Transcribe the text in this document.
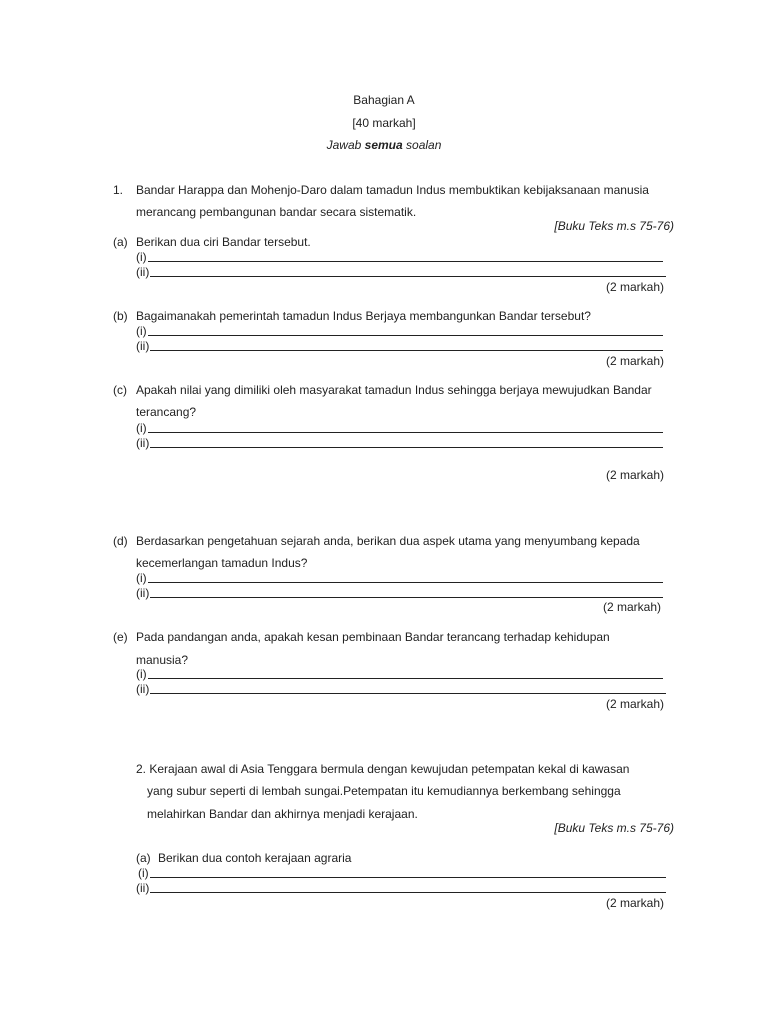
Bahagian A
[40 markah]
Jawab semua soalan
1. Bandar Harappa dan Mohenjo-Daro dalam tamadun Indus membuktikan kebijaksanaan manusia
merancang pembangunan bandar secara sistematik.
[Buku Teks m.s 75-76)
(a) Berikan dua ciri Bandar tersebut.
(i)
(ii)
(2 markah)
(b) Bagaimanakah pemerintah tamadun Indus Berjaya membangunkan Bandar tersebut?
(i)
(ii)
(2 markah)
(c) Apakah nilai yang dimiliki oleh masyarakat tamadun Indus sehingga berjaya mewujudkan Bandar
terancang?
(i)
(ii)
(2 markah)
(d) Berdasarkan pengetahuan sejarah anda, berikan dua aspek utama yang menyumbang kepada
kecemerlangan tamadun Indus?
(i)
(ii)
(2 markah)
(e) Pada pandangan anda, apakah kesan pembinaan Bandar terancang terhadap kehidupan
manusia?
(i)
(ii)
(2 markah)
2. Kerajaan awal di Asia Tenggara bermula dengan kewujudan petempatan kekal di kawasan
yang subur seperti di lembah sungai.Petempatan itu kemudiannya berkembang sehingga
melahirkan Bandar dan akhirnya menjadi kerajaan.
[Buku Teks m.s 75-76)
(a) Berikan dua contoh kerajaan agraria
(i)
(ii)
(2 markah)
